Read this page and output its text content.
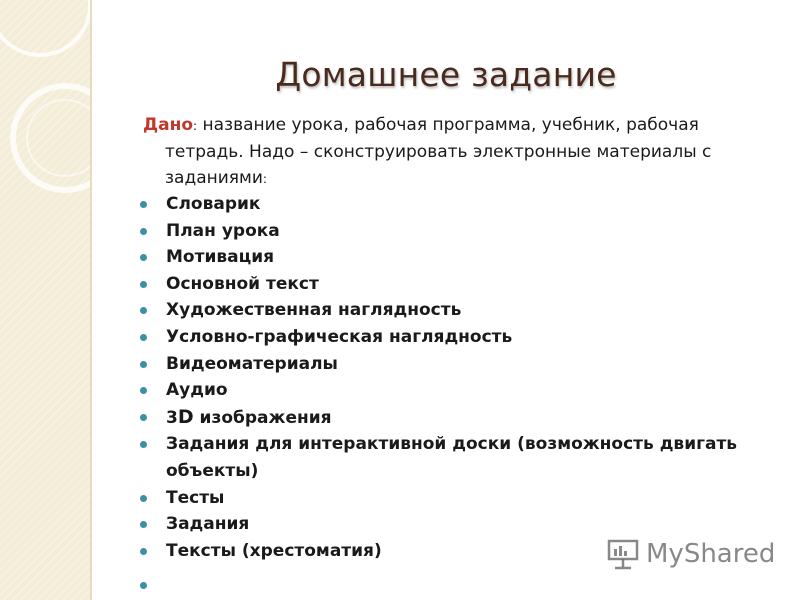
Домашнее задание
Дано: название урока, рабочая программа, учебник, рабочая
тетрадь. Надо – сконструировать электронные материалы с
заданиями:
Словарик
План урока
Мотивация
Основной текст
Художественная наглядность
Условно-графическая наглядность
Видеоматериалы
Аудио
3D изображения
Задания для интерактивной доски (возможность двигать
объекты)
Тесты
Задания
Тексты (хрестоматия)
	MyShared
